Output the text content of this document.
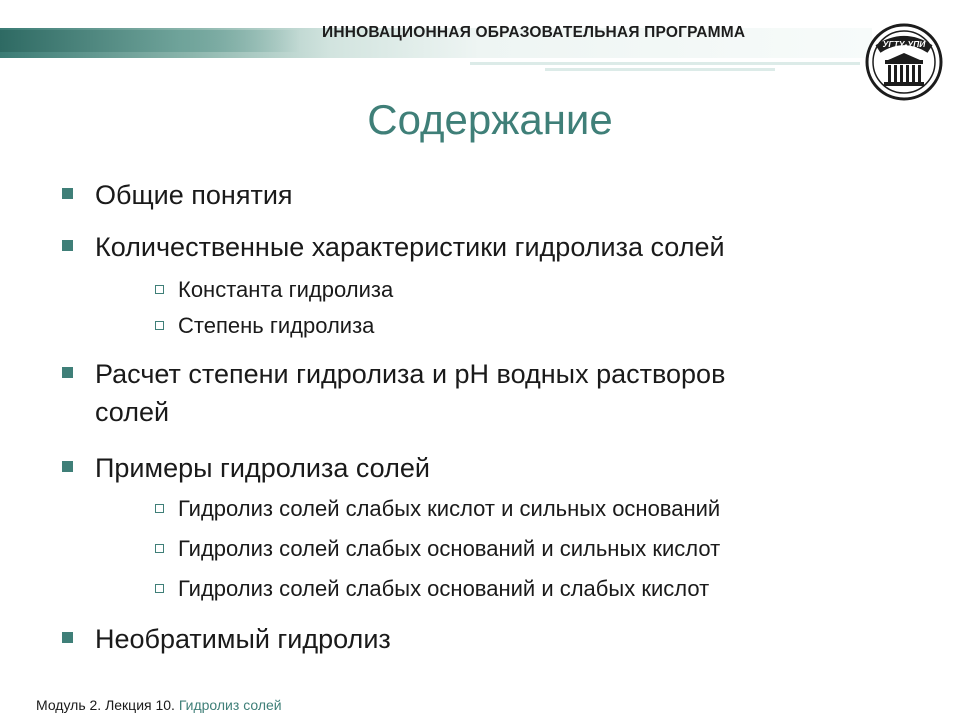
ИННОВАЦИОННАЯ ОБРАЗОВАТЕЛЬНАЯ ПРОГРАММА
УГТУ-УПИ
Содержание
Общие понятия
Количественные характеристики гидролиза солей
Константа гидролиза
Степень гидролиза
Расчет степени гидролиза и рН водных растворов
солей
Примеры гидролиза солей
Гидролиз солей слабых кислот и сильных оснований
Гидролиз солей слабых оснований и сильных кислот
Гидролиз солей слабых оснований и слабых кислот
Необратимый гидролиз
Модуль 2. Лекция 10. Гидролиз солей
